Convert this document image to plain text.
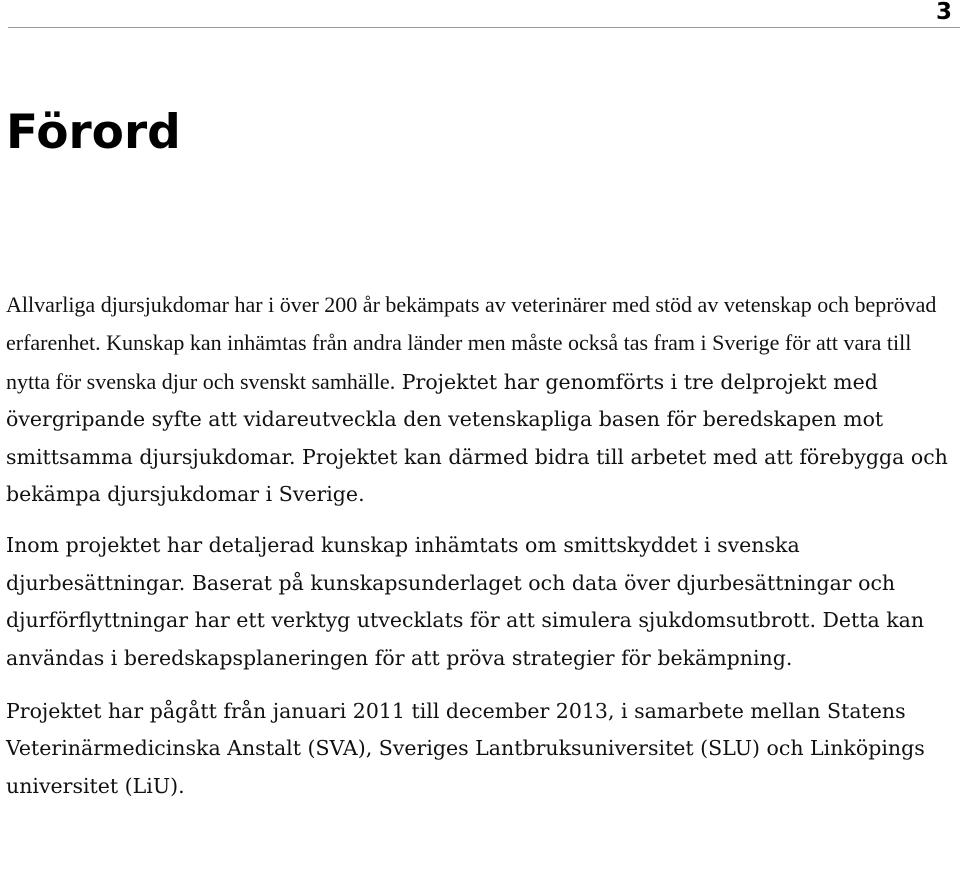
3
Förord

Allvarliga djursjukdomar har i över 200 år bekämpats av veterinärer med stöd av vetenskap och beprövad erfarenhet. Kunskap kan inhämtas från andra länder men måste också tas fram i Sverige för att vara till nytta för svenska djur och svenskt samhälle. Projektet har genomförts i tre delprojekt med övergripande syfte att vidareutveckla den vetenskapliga basen för beredskapen mot smittsamma djursjukdomar. Projektet kan därmed bidra till arbetet med att förebygga och bekämpa djursjukdomar i Sverige.

Inom projektet har detaljerad kunskap inhämtats om smittskyddet i svenska djurbesättningar. Baserat på kunskapsunderlaget och data över djurbesättningar och djurförflyttningar har ett verktyg utvecklats för att simulera sjukdomsutbrott. Detta kan användas i beredskapsplaneringen för att pröva strategier för bekämpning.

Projektet har pågått från januari 2011 till december 2013, i samarbete mellan Statens Veterinärmedicinska Anstalt (SVA), Sveriges Lantbruksuniversitet (SLU) och Linköpings universitet (LiU).
